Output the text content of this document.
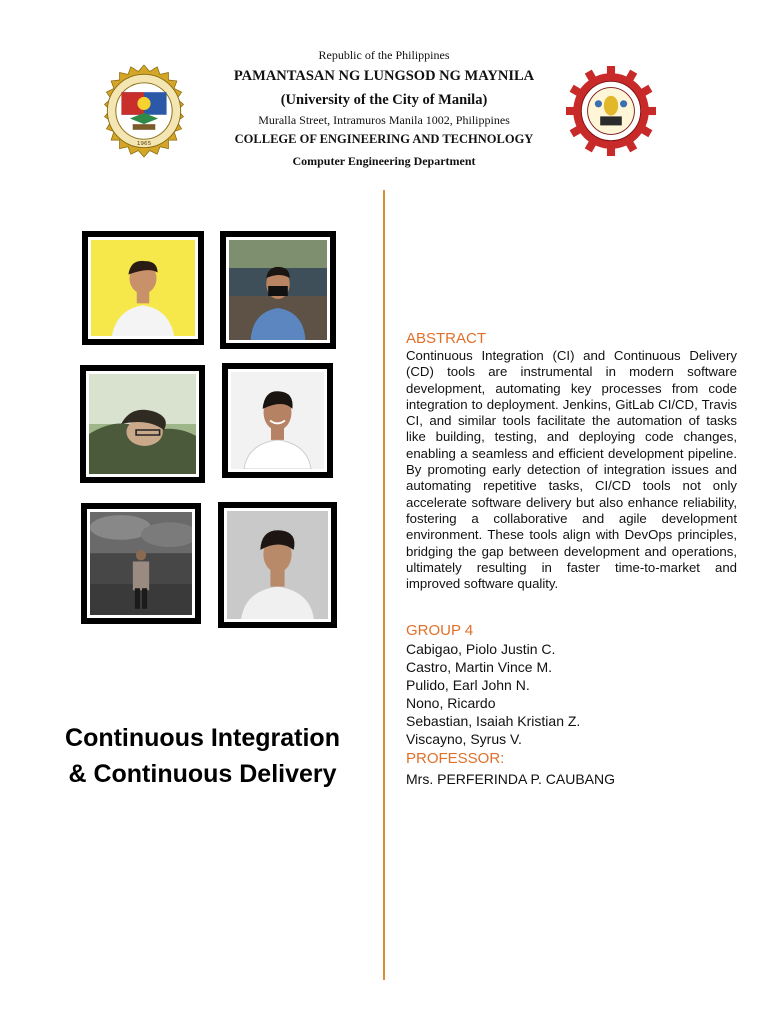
Republic of the Philippines
PAMANTASAN NG LUNGSOD NG MAYNILA
(University of the City of Manila)
Muralla Street, Intramuros Manila 1002, Philippines
COLLEGE OF ENGINEERING AND TECHNOLOGY
Computer Engineering Department
1965
Continuous Integration
& Continuous Delivery
ABSTRACT

Continuous Integration (CI) and Continuous Delivery (CD) tools are instrumental in modern software development, automating key processes from code integration to deployment. Jenkins, GitLab CI/CD, Travis CI, and similar tools facilitate the automation of tasks like building, testing, and deploying code changes, enabling a seamless and efficient development pipeline. By promoting early detection of integration issues and automating repetitive tasks, CI/CD tools not only accelerate software delivery but also enhance reliability, fostering a collaborative and agile development environment. These tools align with DevOps principles, bridging the gap between development and operations, ultimately resulting in faster time-to-market and improved software quality.

GROUP 4
Cabigao, Piolo Justin C.
Castro, Martin Vince M.
Pulido, Earl John N.
Nono, Ricardo
Sebastian, Isaiah Kristian Z.
Viscayno, Syrus V.
PROFESSOR:
Mrs. PERFERINDA P. CAUBANG
